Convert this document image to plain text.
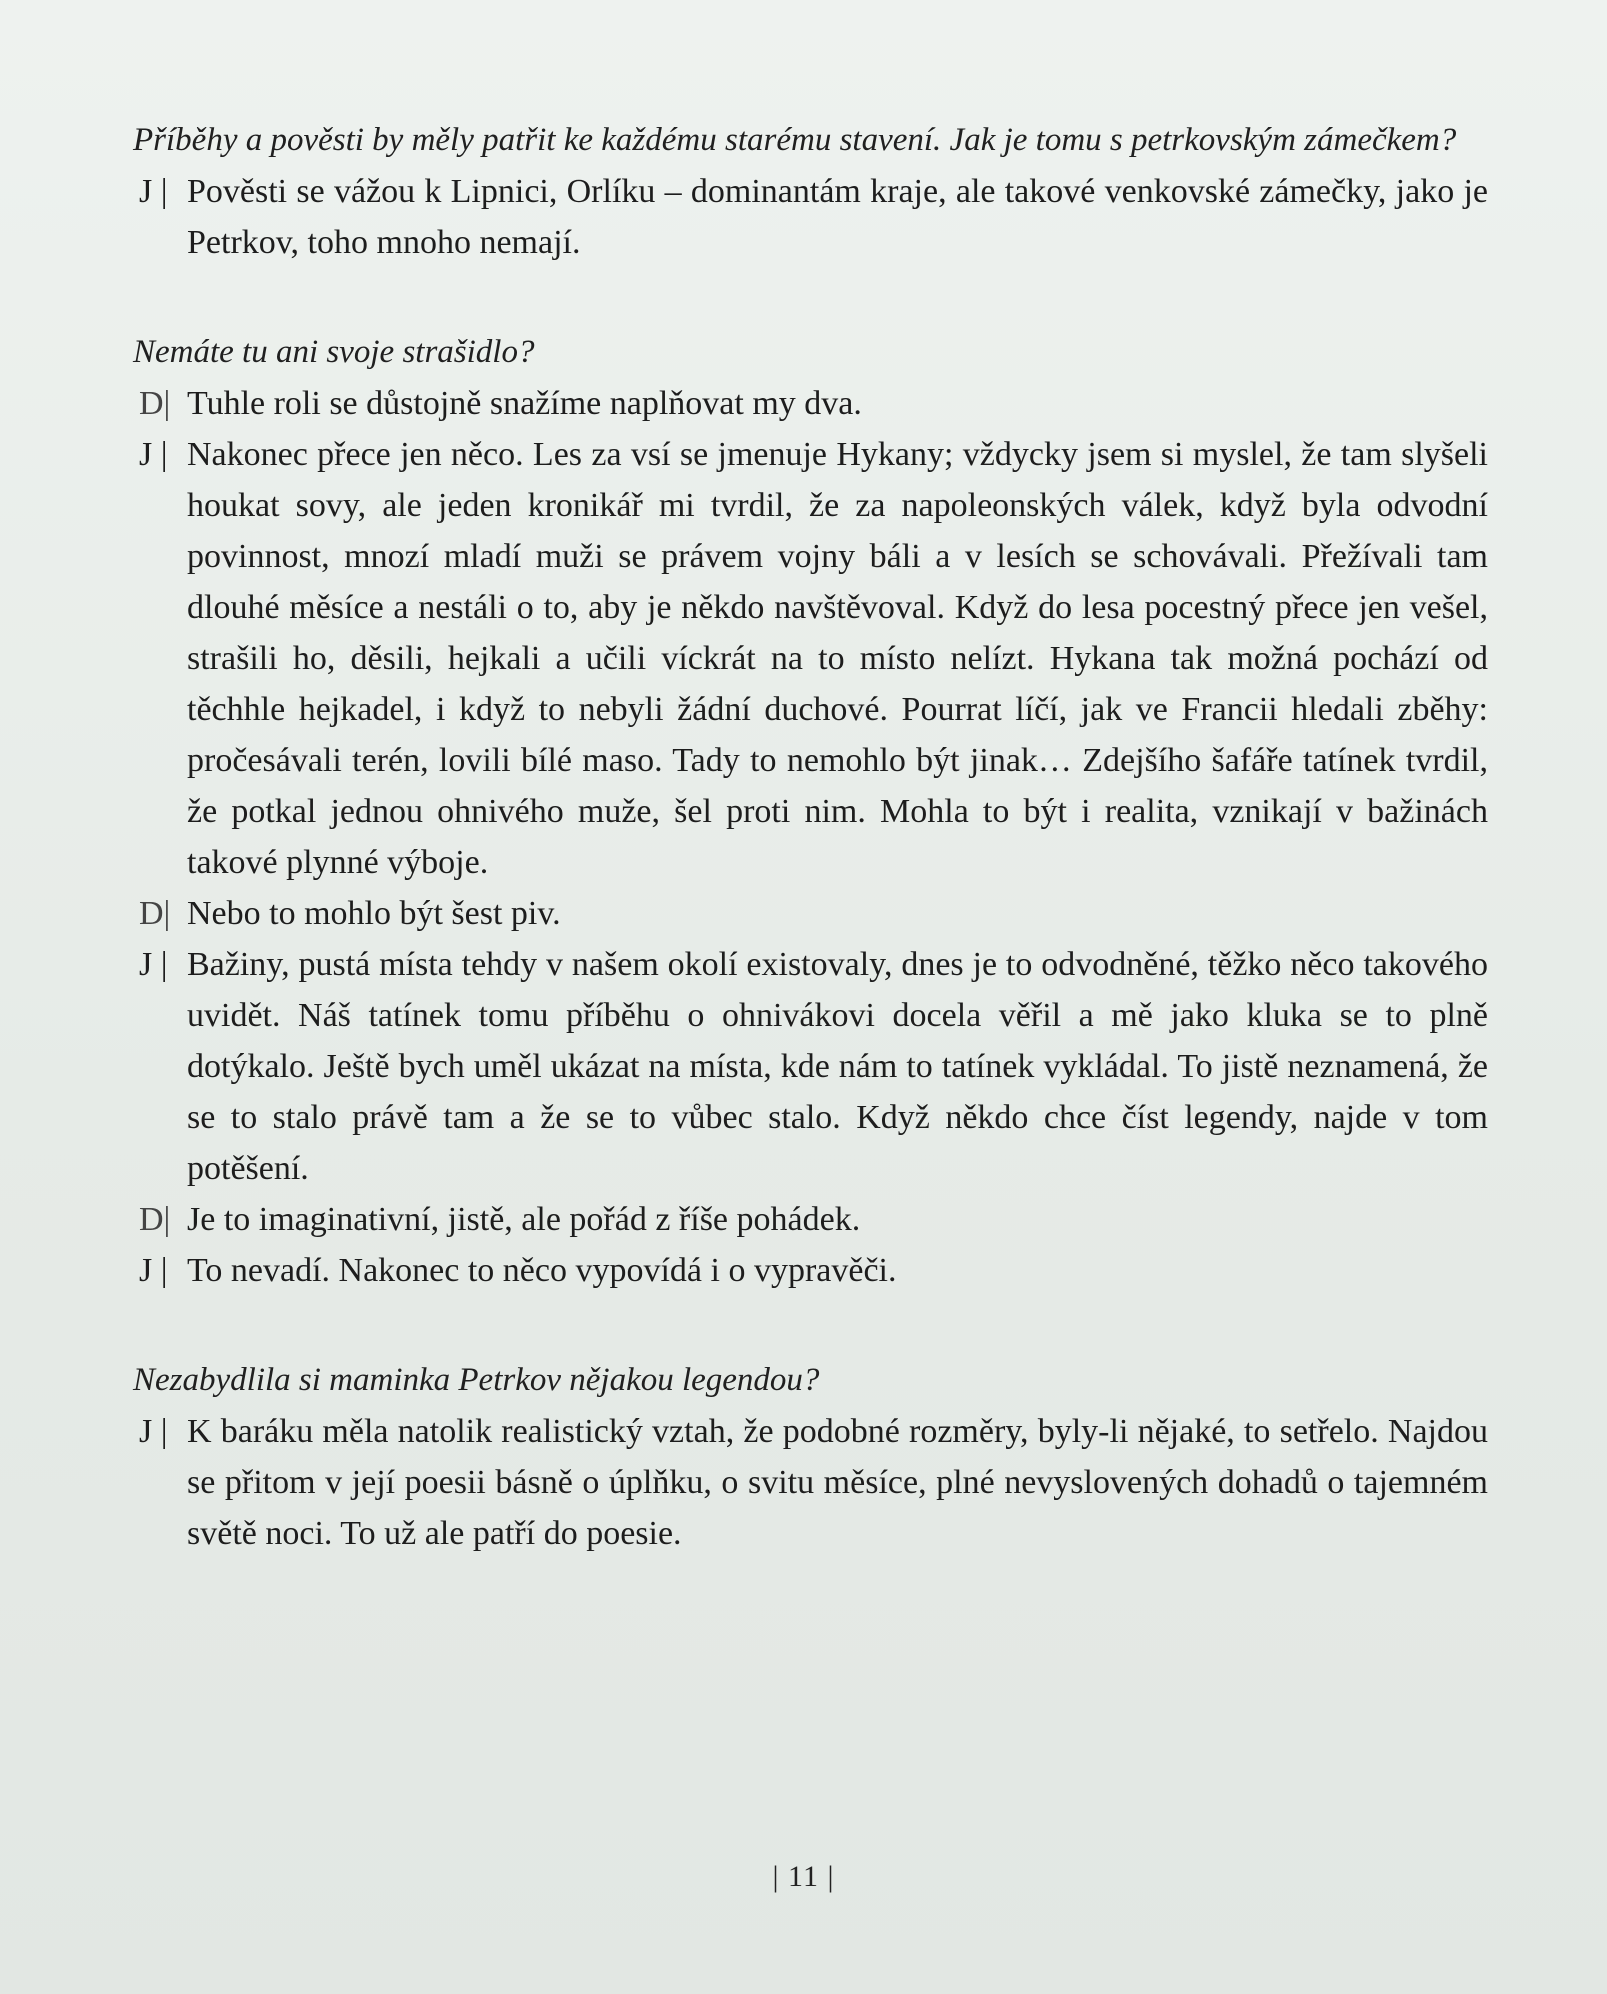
Příběhy a pověsti by měly patřit ke každému starému stavení. Jak je tomu s petrkovským zámečkem?

J | Pověsti se vážou k Lipnici, Orlíku – dominantám kraje, ale takové venkovské zámečky, jako je Petrkov, toho mnoho nemají.

Nemáte tu ani svoje strašidlo?

D| Tuhle roli se důstojně snažíme naplňovat my dva.

J | Nakonec přece jen něco. Les za vsí se jmenuje Hykany; vždycky jsem si myslel, že tam slyšeli houkat sovy, ale jeden kronikář mi tvrdil, že za napoleonských válek, když byla odvodní povinnost, mnozí mladí muži se právem vojny báli a v lesích se schovávali. Přežívali tam dlouhé měsíce a nestáli o to, aby je někdo navštěvoval. Když do lesa pocestný přece jen vešel, strašili ho, děsili, hejkali a učili víckrát na to místo nelízt. Hykana tak možná pochází od těchhle hejkadel, i když to nebyli žádní duchové. Pourrat líčí, jak ve Francii hledali zběhy: pročesávali terén, lovili bílé maso. Tady to nemohlo být jinak… Zdejšího šafáře tatínek tvrdil, že potkal jednou ohnivého muže, šel proti nim. Mohla to být i realita, vznikají v bažinách takové plynné výboje.

D| Nebo to mohlo být šest piv.

J | Bažiny, pustá místa tehdy v našem okolí existovaly, dnes je to odvodněné, těžko něco takového uvidět. Náš tatínek tomu příběhu o ohnivákovi docela věřil a mě jako kluka se to plně dotýkalo. Ještě bych uměl ukázat na místa, kde nám to tatínek vykládal. To jistě neznamená, že se to stalo právě tam a že se to vůbec stalo. Když někdo chce číst legendy, najde v tom potěšení.

D| Je to imaginativní, jistě, ale pořád z říše pohádek.

J | To nevadí. Nakonec to něco vypovídá i o vypravěči.

Nezabydlila si maminka Petrkov nějakou legendou?

J | K baráku měla natolik realistický vztah, že podobné rozměry, byly-li nějaké, to setřelo. Najdou se přitom v její poesii básně o úplňku, o svitu měsíce, plné nevyslovených dohadů o tajemném světě noci. To už ale patří do poesie.

| 11 |
